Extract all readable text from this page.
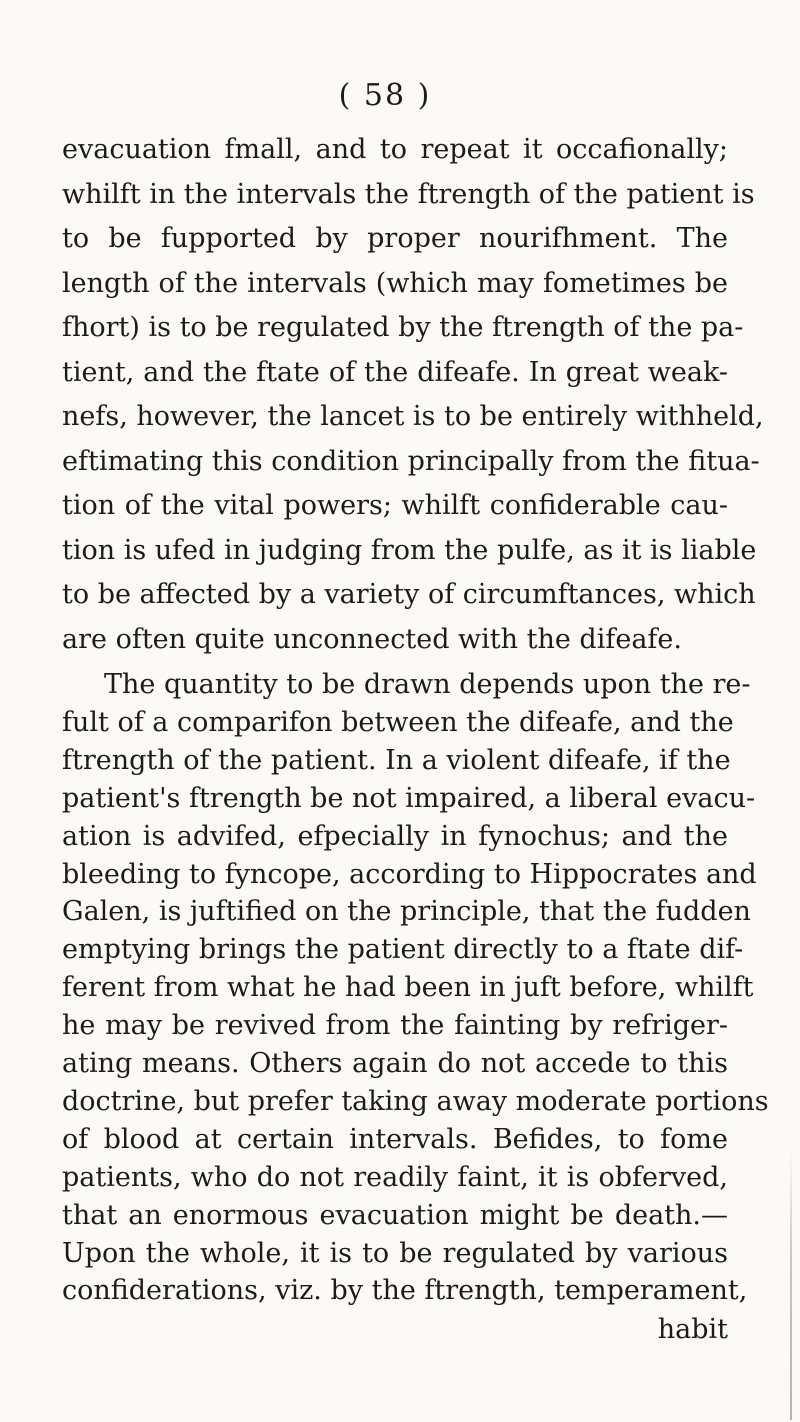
( 58 )
evacuation fmall, and to repeat it occafionally;
whilft in the intervals the ftrength of the patient is
to be fupported by proper nourifhment. The
length of the intervals (which may fometimes be
fhort) is to be regulated by the ftrength of the pa-
tient, and the ftate of the difeafe. In great weak-
nefs, however, the lancet is to be entirely withheld,
eftimating this condition principally from the fitua-
tion of the vital powers; whilft confiderable cau-
tion is ufed in judging from the pulfe, as it is liable
to be affected by a variety of circumftances, which
are often quite unconnected with the difeafe.
The quantity to be drawn depends upon the re-
fult of a comparifon between the difeafe, and the
ftrength of the patient. In a violent difeafe, if the
patient's ftrength be not impaired, a liberal evacu-
ation is advifed, efpecially in fynochus; and the
bleeding to fyncope, according to Hippocrates and
Galen, is juftified on the principle, that the fudden
emptying brings the patient directly to a ftate dif-
ferent from what he had been in juft before, whilft
he may be revived from the fainting by refriger-
ating means. Others again do not accede to this
doctrine, but prefer taking away moderate portions
of blood at certain intervals. Befides, to fome
patients, who do not readily faint, it is obferved,
that an enormous evacuation might be death.—
Upon the whole, it is to be regulated by various
confiderations, viz. by the ftrength, temperament,
habit
